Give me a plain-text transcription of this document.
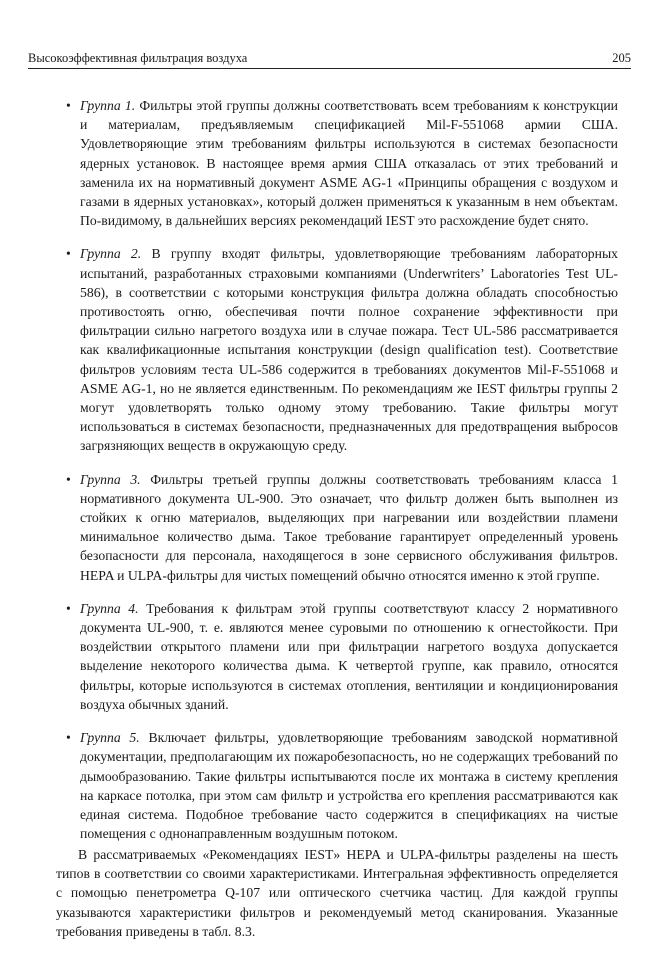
Высокоэффективная фильтрация воздуха	205

• Группа 1. Фильтры этой группы должны соответствовать всем требованиям к конструкции и материалам, предъявляемым спецификацией Mil-F-551068 армии США. Удовлетворяющие этим требованиям фильтры используются в системах безопасности ядерных установок. В настоящее время армия США отказалась от этих требований и заменила их на нормативный документ ASME AG-1 «Принципы обращения с воздухом и газами в ядерных установках», который должен применяться к указанным в нем объектам. По-видимому, в дальнейших версиях рекомендаций IEST это расхождение будет снято.

• Группа 2. В группу входят фильтры, удовлетворяющие требованиям лабораторных испытаний, разработанных страховыми компаниями (Underwriters’ Laboratories Test UL-586), в соответствии с которыми конструкция фильтра должна обладать способностью противостоять огню, обеспечивая почти полное сохранение эффективности при фильтрации сильно нагретого воздуха или в случае пожара. Тест UL-586 рассматривается как квалификационные испытания конструкции (design qualification test). Соответствие фильтров условиям теста UL-586 содержится в требованиях документов Mil-F-551068 и ASME AG-1, но не является единственным. По рекомендациям же IEST фильтры группы 2 могут удовлетворять только одному этому требованию. Такие фильтры могут использоваться в системах безопасности, предназначенных для предотвращения выбросов загрязняющих веществ в окружающую среду.

• Группа 3. Фильтры третьей группы должны соответствовать требованиям класса 1 нормативного документа UL-900. Это означает, что фильтр должен быть выполнен из стойких к огню материалов, выделяющих при нагревании или воздействии пламени минимальное количество дыма. Такое требование гарантирует определенный уровень безопасности для персонала, находящегося в зоне сервисного обслуживания фильтров. HEPA и ULPA-фильтры для чистых помещений обычно относятся именно к этой группе.

• Группа 4. Требования к фильтрам этой группы соответствуют классу 2 нормативного документа UL-900, т. е. являются менее суровыми по отношению к огнестойкости. При воздействии открытого пламени или при фильтрации нагретого воздуха допускается выделение некоторого количества дыма. К четвертой группе, как правило, относятся фильтры, которые используются в системах отопления, вентиляции и кондиционирования воздуха обычных зданий.

• Группа 5. Включает фильтры, удовлетворяющие требованиям заводской нормативной документации, предполагающим их пожаробезопасность, но не содержащих требований по дымообразованию. Такие фильтры испытываются после их монтажа в систему крепления на каркасе потолка, при этом сам фильтр и устройства его крепления рассматриваются как единая система. Подобное требование часто содержится в спецификациях на чистые помещения с однонаправленным воздушным потоком.

В рассматриваемых «Рекомендациях IEST» HEPA и ULPA-фильтры разделены на шесть типов в соответствии со своими характеристиками. Интегральная эффективность определяется с помощью пенетрометра Q-107 или оптического счетчика частиц. Для каждой группы указываются характеристики фильтров и рекомендуемый метод сканирования. Указанные требования приведены в табл. 8.3.
